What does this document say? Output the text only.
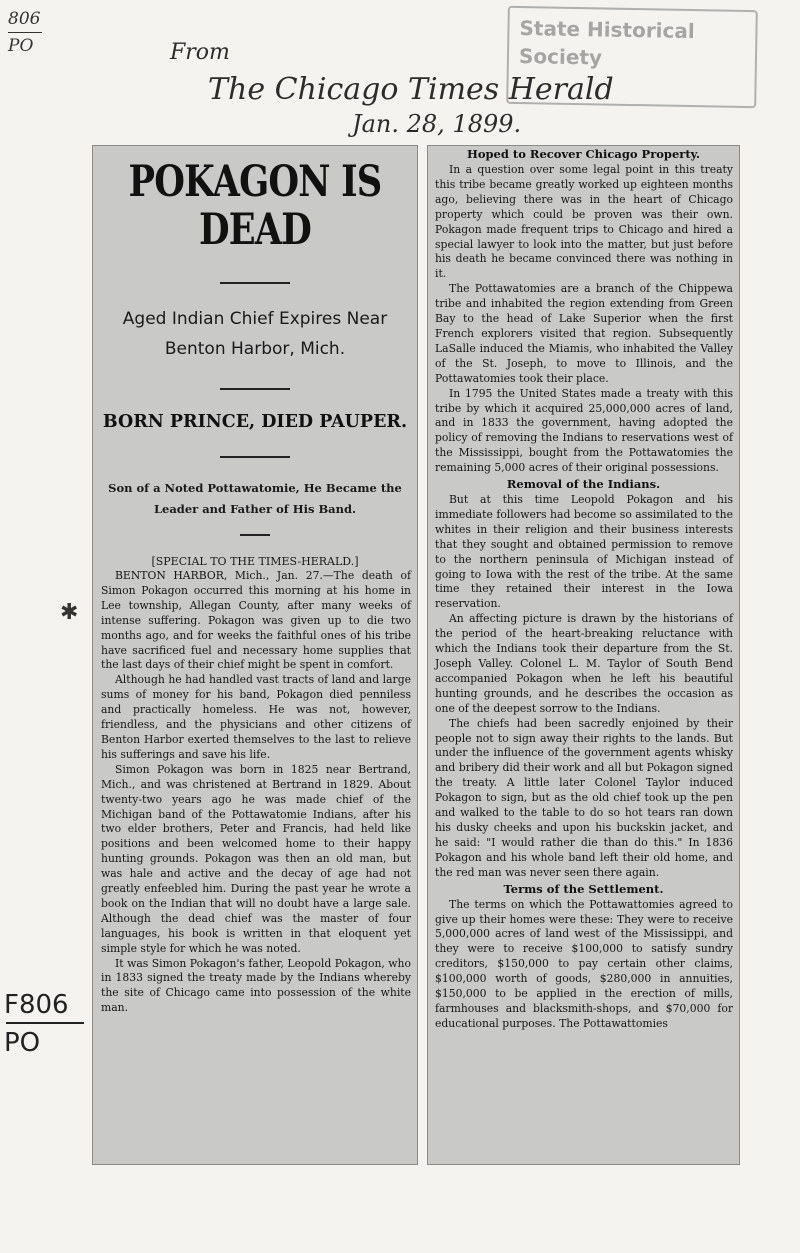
806
PO	From
The Chicago Times Herald
Jan. 28, 1899.
State Historical Society
✱
F806
PO
POKAGON IS DEAD
Aged Indian Chief Expires Near Benton Harbor, Mich.
BORN PRINCE, DIED PAUPER.
Son of a Noted Pottawatomie, He Became the Leader and Father of His Band.
[SPECIAL TO THE TIMES-HERALD.]

BENTON HARBOR, Mich., Jan. 27.—The death of Simon Pokagon occurred this morning at his home in Lee township, Allegan County, after many weeks of intense suffering. Pokagon was given up to die two months ago, and for weeks the faithful ones of his tribe have sacrificed fuel and necessary home supplies that the last days of their chief might be spent in comfort.

Although he had handled vast tracts of land and large sums of money for his band, Pokagon died penniless and practically homeless. He was not, however, friendless, and the physicians and other citizens of Benton Harbor exerted themselves to the last to relieve his sufferings and save his life.

Simon Pokagon was born in 1825 near Bertrand, Mich., and was christened at Bertrand in 1829. About twenty-two years ago he was made chief of the Michigan band of the Pottawatomie Indians, after his two elder brothers, Peter and Francis, had held like positions and been welcomed home to their happy hunting grounds. Pokagon was then an old man, but was hale and active and the decay of age had not greatly enfeebled him. During the past year he wrote a book on the Indian that will no doubt have a large sale. Although the dead chief was the master of four languages, his book is written in that eloquent yet simple style for which he was noted.

It was Simon Pokagon's father, Leopold Pokagon, who in 1833 signed the treaty made by the Indians whereby the site of Chicago came into possession of the white man.

Hoped to Recover Chicago Property.

In a question over some legal point in this treaty this tribe became greatly worked up eighteen months ago, believing there was in the heart of Chicago property which could be proven was their own. Pokagon made frequent trips to Chicago and hired a special lawyer to look into the matter, but just before his death he became convinced there was nothing in it.

The Pottawatomies are a branch of the Chippewa tribe and inhabited the region extending from Green Bay to the head of Lake Superior when the first French explorers visited that region. Subsequently LaSalle induced the Miamis, who inhabited the Valley of the St. Joseph, to move to Illinois, and the Pottawatomies took their place.

In 1795 the United States made a treaty with this tribe by which it acquired 25,000,000 acres of land, and in 1833 the government, having adopted the policy of removing the Indians to reservations west of the Mississippi, bought from the Pottawatomies the remaining 5,000 acres of their original possessions.

Removal of the Indians.

But at this time Leopold Pokagon and his immediate followers had become so assimilated to the whites in their religion and their business interests that they sought and obtained permission to remove to the northern peninsula of Michigan instead of going to Iowa with the rest of the tribe. At the same time they retained their interest in the Iowa reservation.

An affecting picture is drawn by the historians of the period of the heart-breaking reluctance with which the Indians took their departure from the St. Joseph Valley. Colonel L. M. Taylor of South Bend accompanied Pokagon when he left his beautiful hunting grounds, and he describes the occasion as one of the deepest sorrow to the Indians.

The chiefs had been sacredly enjoined by their people not to sign away their rights to the lands. But under the influence of the government agents whisky and bribery did their work and all but Pokagon signed the treaty. A little later Colonel Taylor induced Pokagon to sign, but as the old chief took up the pen and walked to the table to do so hot tears ran down his dusky cheeks and upon his buckskin jacket, and he said: "I would rather die than do this." In 1836 Pokagon and his whole band left their old home, and the red man was never seen there again.

Terms of the Settlement.

The terms on which the Pottawattomies agreed to give up their homes were these: They were to receive 5,000,000 acres of land west of the Mississippi, and they were to receive $100,000 to satisfy sundry creditors, $150,000 to pay certain other claims, $100,000 worth of goods, $280,000 in annuities, $150,000 to be applied in the erection of mills, farmhouses and blacksmith-shops, and $70,000 for educational purposes. The Pottawattomies
